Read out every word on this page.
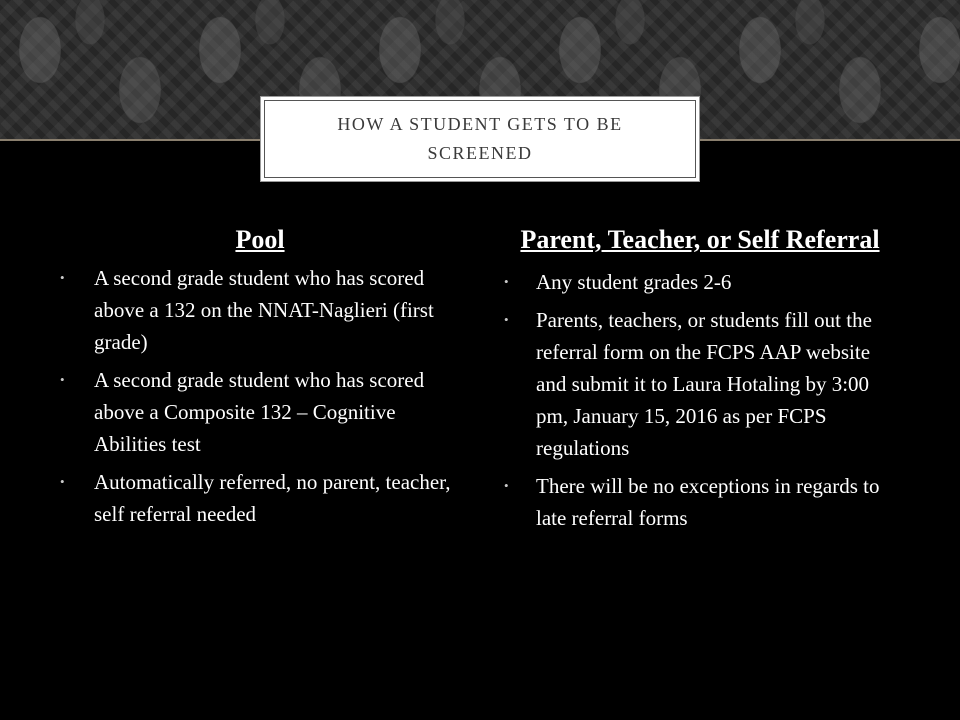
HOW A STUDENT GETS TO BE SCREENED
Pool
• A second grade student who has scored above a 132 on the NNAT-Naglieri (first grade)
• A second grade student who has scored above a Composite 132 – Cognitive Abilities test
• Automatically referred, no parent, teacher, self referral needed
Parent, Teacher, or Self Referral
• Any student grades 2-6
• Parents, teachers, or students fill out the referral form on the FCPS AAP website and submit it to Laura Hotaling by 3:00 pm, January 15, 2016 as per FCPS regulations
• There will be no exceptions in regards to late referral forms
